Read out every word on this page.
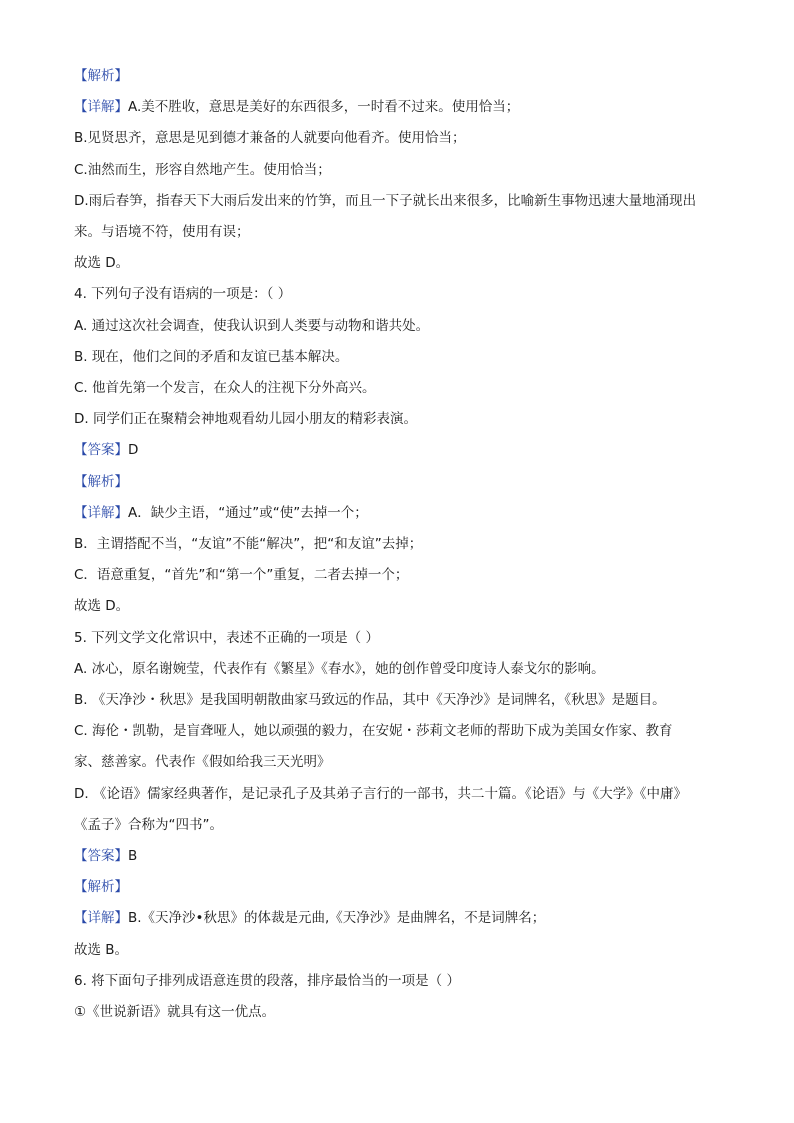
【解析】
【详解】A.美不胜收，意思是美好的东西很多，一时看不过来。使用恰当；
B.见贤思齐，意思是见到德才兼备的人就要向他看齐。使用恰当；
C.油然而生，形容自然地产生。使用恰当；
D.雨后春笋，指春天下大雨后发出来的竹笋，而且一下子就长出来很多，比喻新生事物迅速大量地涌现出
来。与语境不符，使用有误；
故选 D。
4. 下列句子没有语病的一项是：（ ）
A. 通过这次社会调查，使我认识到人类要与动物和谐共处。
B. 现在，他们之间的矛盾和友谊已基本解决。
C. 他首先第一个发言，在众人的注视下分外高兴。
D. 同学们正在聚精会神地观看幼儿园小朋友的精彩表演。
【答案】D
【解析】
【详解】A．缺少主语，“通过”或“使”去掉一个；
B．主谓搭配不当，“友谊”不能“解决”，把“和友谊”去掉；
C．语意重复，“首先”和“第一个”重复，二者去掉一个；
故选 D。
5. 下列文学文化常识中，表述不正确的一项是（ ）
A. 冰心，原名谢婉莹，代表作有《繁星》《春水》，她的创作曾受印度诗人泰戈尔的影响。
B. 《天净沙・秋思》是我国明朝散曲家马致远的作品，其中《天净沙》是词牌名，《秋思》是题目。
C. 海伦・凯勒，是盲聋哑人，她以顽强的毅力，在安妮・莎莉文老师的帮助下成为美国女作家、教育
家、慈善家。代表作《假如给我三天光明》
D. 《论语》儒家经典著作，是记录孔子及其弟子言行的一部书，共二十篇。《论语》与《大学》《中庸》
《孟子》合称为“四书”。
【答案】B
【解析】
【详解】B.《天净沙•秋思》的体裁是元曲,《天净沙》是曲牌名，不是词牌名；
故选 B。
6. 将下面句子排列成语意连贯的段落，排序最恰当的一项是（ ）
①《世说新语》就具有这一优点。
